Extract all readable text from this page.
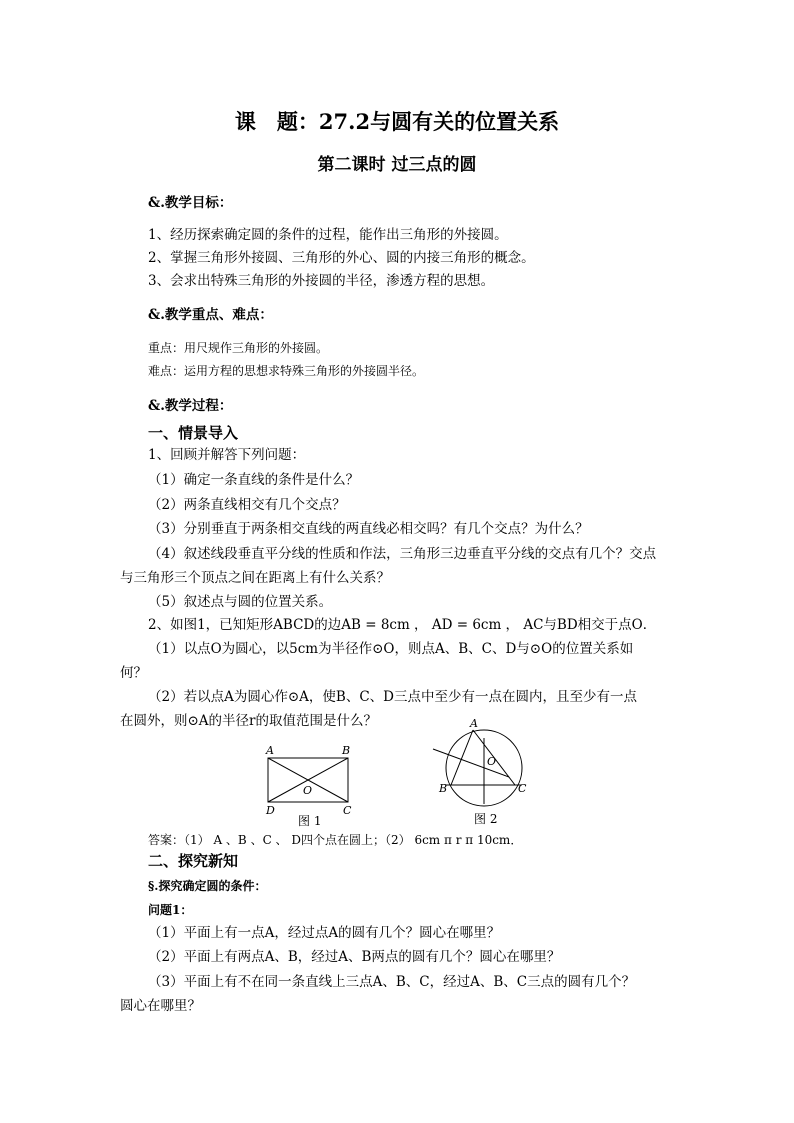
课　题：27.2与圆有关的位置关系
第二课时 过三点的圆
&.教学目标：
1、经历探索确定圆的条件的过程，能作出三角形的外接圆。
2、掌握三角形外接圆、三角形的外心、圆的内接三角形的概念。
3、会求出特殊三角形的外接圆的半径，渗透方程的思想。
&.教学重点、难点：
重点：用尺规作三角形的外接圆。
难点：运用方程的思想求特殊三角形的外接圆半径。
&.教学过程：
一、情景导入
1、回顾并解答下列问题：
（1）确定一条直线的条件是什么？
（2）两条直线相交有几个交点？
（3）分别垂直于两条相交直线的两直线必相交吗？有几个交点？为什么？
（4）叙述线段垂直平分线的性质和作法，三角形三边垂直平分线的交点有几个？交点
与三角形三个顶点之间在距离上有什么关系？
（5）叙述点与圆的位置关系。
2、如图1，已知矩形ABCD的边AB = 8cm ， AD = 6cm ， AC与BD相交于点O．
（1）以点O为圆心，以5cm为半径作⊙O，则点A、B、C、D与⊙O的位置关系如
何？
（2）若以点A为圆心作⊙A，使B、C、D三点中至少有一点在圆内，且至少有一点
在圆外，则⊙A的半径r的取值范围是什么？
A	B
C
D
O
图 1
A
B	C
O
图 2
答案：（1） A 、B 、C 、 D四个点在圆上；（2） 6cm π r π 10cm．
二、探究新知
§.探究确定圆的条件：
问题1：
（1）平面上有一点A，经过点A的圆有几个？圆心在哪里？
（2）平面上有两点A、B，经过A、B两点的圆有几个？圆心在哪里？
（3）平面上有不在同一条直线上三点A、B、C，经过A、B、C三点的圆有几个？
圆心在哪里？
